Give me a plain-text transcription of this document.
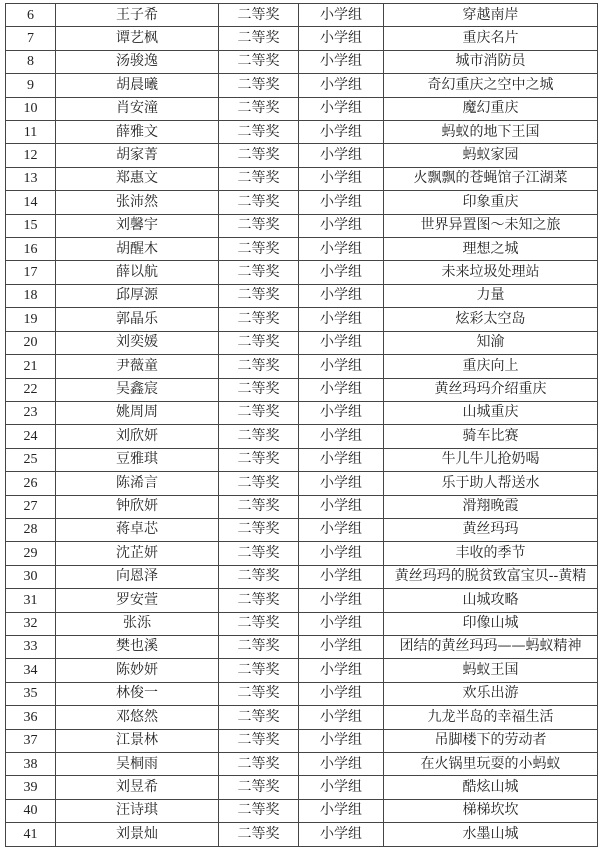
6	王子希	二等奖	小学组	穿越南岸
7	谭艺枫	二等奖	小学组	重庆名片
8	汤骏逸	二等奖	小学组	城市消防员
9	胡晨曦	二等奖	小学组	奇幻重庆之空中之城
10	肖安潼	二等奖	小学组	魔幻重庆
11	薛雅文	二等奖	小学组	蚂蚁的地下王国
12	胡家菁	二等奖	小学组	蚂蚁家园
13	郑惠文	二等奖	小学组	火飘飘的苍蝇馆子江湖菜
14	张沛然	二等奖	小学组	印象重庆
15	刘馨宇	二等奖	小学组	世界异置图～未知之旅
16	胡醒木	二等奖	小学组	理想之城
17	薛以航	二等奖	小学组	未来垃圾处理站
18	邱厚源	二等奖	小学组	力量
19	郭晶乐	二等奖	小学组	炫彩太空岛
20	刘奕媛	二等奖	小学组	知渝
21	尹薇童	二等奖	小学组	重庆向上
22	吴鑫宸	二等奖	小学组	黄丝玛玛介绍重庆
23	姚周周	二等奖	小学组	山城重庆
24	刘欣妍	二等奖	小学组	骑车比赛
25	豆雅琪	二等奖	小学组	牛儿牛儿抢奶喝
26	陈浠言	二等奖	小学组	乐于助人帮送水
27	钟欣妍	二等奖	小学组	滑翔晚霞
28	蒋卓芯	二等奖	小学组	黄丝玛玛
29	沈芷妍	二等奖	小学组	丰收的季节
30	向恩泽	二等奖	小学组	黄丝玛玛的脱贫致富宝贝--黄精
31	罗安萱	二等奖	小学组	山城攻略
32	张泺	二等奖	小学组	印像山城
33	樊也溪	二等奖	小学组	团结的黄丝玛玛——蚂蚁精神
34	陈妙妍	二等奖	小学组	蚂蚁王国
35	林俊一	二等奖	小学组	欢乐出游
36	邓悠然	二等奖	小学组	九龙半岛的幸福生活
37	江景林	二等奖	小学组	吊脚楼下的劳动者
38	吴桐雨	二等奖	小学组	在火锅里玩耍的小蚂蚁
39	刘昱希	二等奖	小学组	酷炫山城
40	汪诗琪	二等奖	小学组	梯梯坎坎
41	刘景灿	二等奖	小学组	水墨山城
